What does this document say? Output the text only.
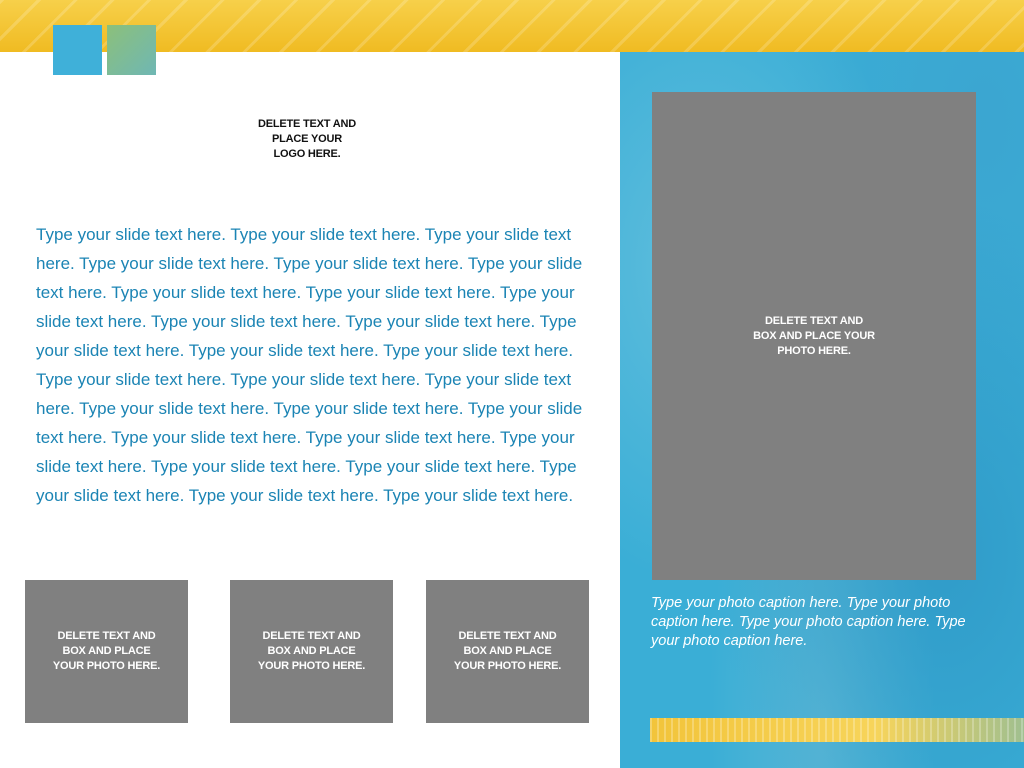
DELETE TEXT AND
PLACE YOUR
LOGO HERE.
Type your slide text here. Type your slide text here. Type your slide text here. Type your slide text here. Type your slide text here. Type your slide text here. Type your slide text here. Type your slide text here. Type your slide text here. Type your slide text here. Type your slide text here. Type your slide text here. Type your slide text here. Type your slide text here. Type your slide text here. Type your slide text here. Type your slide text here. Type your slide text here. Type your slide text here. Type your slide text here. Type your slide text here. Type your slide text here. Type your slide text here. Type your slide text here. Type your slide text here. Type your slide text here. Type your slide text here. Type your slide text here.
DELETE TEXT AND
BOX AND PLACE YOUR
PHOTO HERE.
Type your photo caption here. Type your photo caption here. Type your photo caption here. Type your photo caption here.
DELETE TEXT AND
BOX AND PLACE
YOUR PHOTO HERE.
DELETE TEXT AND
BOX AND PLACE
YOUR PHOTO HERE.
DELETE TEXT AND
BOX AND PLACE
YOUR PHOTO HERE.
